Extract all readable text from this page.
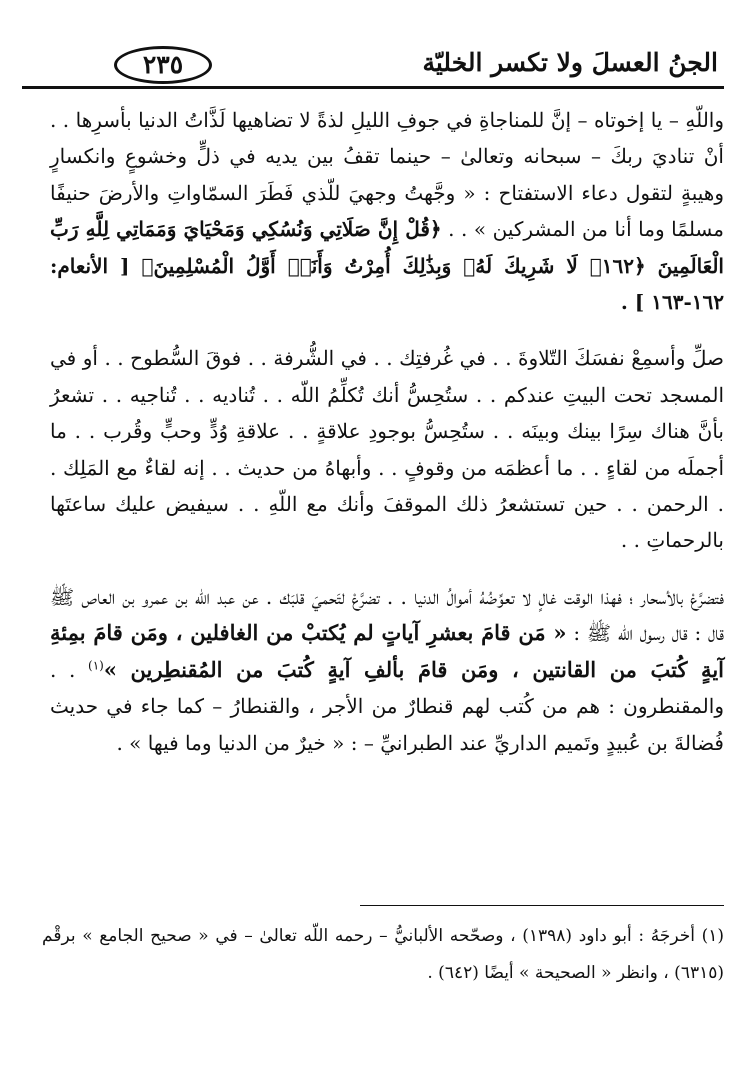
الجنُ العسلَ ولا تكسر الخليّة
٢٣٥

واللّهِ – يا إخوتاه – إنَّ للمناجاةِ في جوفِ الليلِ لذةً لا تضاهيها لَذَّاتُ الدنيا بأسرِها . . أنْ تناديَ ربكَ – سبحانه وتعالىٰ – حينما تقفُ بين يديه في ذلٍّ وخشوعٍ وانكسارٍ وهيبةٍ لتقول دعاء الاستفتاح : « وجَّهتُ وجهيَ للّذي فَطَرَ السمّاواتِ والأرضَ حنيفًا مسلمًا وما أنا من المشركين » . . ﴿قُلْ إِنَّ صَلَاتِي وَنُسُكِي وَمَحْيَايَ وَمَمَاتِي لِلَّهِ رَبِّ الْعَالَمِينَ ﴿١٦٢﴾ لَا شَرِيكَ لَهُۥ وَبِذَٰلِكَ أُمِرْتُ وَأَنَا۠ أَوَّلُ الْمُسْلِمِينَ﴾ [ الأنعام: ١٦٢-١٦٣ ] .

صلِّ وأسمِعْ نفسَكَ التّلاوةَ . . في غُرفتِك . . في الشُّرفة . . فوقَ السُّطوح . . أو في المسجد تحت البيتِ عندكم . . ستُحِسُّ أنك تُكلِّمُ اللّه . . تُناديه . . تُناجيه . . تشعرُ بأنَّ هناك سِرًا بينك وبينَه . . ستُحِسُّ بوجودِ علاقةٍ . . علاقةِ وُدٍّ وحبٍّ وقُرب . . ما أجملَه من لقاءٍ . . ما أعظمَه من وقوفٍ . . وأبهاهُ من حديث . . إنه لقاءٌ مع المَلِك . . الرحمن . . حين تستشعرُ ذلك الموقفَ وأنك مع اللّهِ . . سيفيض عليك ساعتَها بالرحماتِ . .

فتضرَّعْ بالأسحار ؛ فهذا الوقت غالٍ لا تعوِّضُهُ أموالُ الدنيا . . تضرَّعْ لتَحميَ قلبَك . عن عبد اللّه بن عمرو بن العاص ﷺ قال : قال رسول اللّه ﷺ : « مَن قامَ بعشرِ آياتٍ لم يُكتبْ من الغافلين ، ومَن قامَ بمِئةِ آيةٍ كُتبَ من القانتين ، ومَن قامَ بألفِ آيةٍ كُتبَ من المُقنطِرين »$^{(١)}$ . . والمقنطرون : هم من كُتب لهم قنطارٌ من الأجر ، والقنطارُ – كما جاء في حديث فُضالةَ بن عُبيدٍ وتَميم الداريِّ عند الطبرانيِّ – : « خيرٌ من الدنيا وما فيها » .

(١) أخرجَهُ : أبو داود (١٣٩٨) ، وصحّحه الألبانيُّ – رحمه اللّه تعالىٰ – في « صحيح الجامع » برقْم (٦٣١٥) ، وانظر « الصحيحة » أيضًا (٦٤٢) .
